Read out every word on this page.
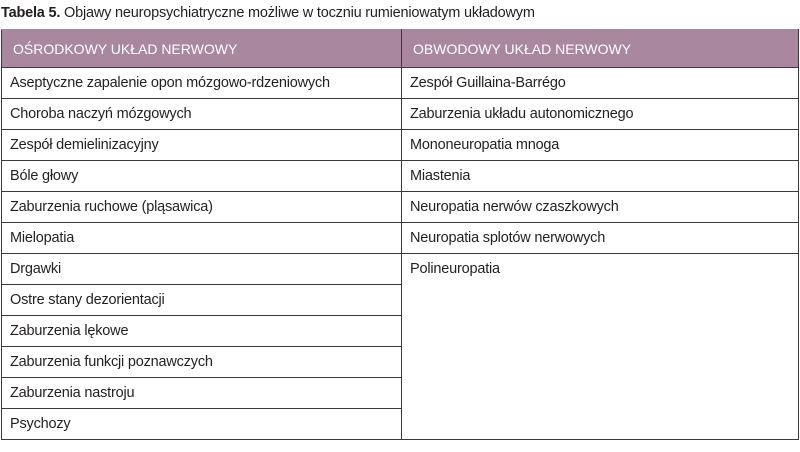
Tabela 5. Objawy neuropsychiatryczne możliwe w toczniu rumieniowatym układowym
OŚRODKOWY UKŁAD NERWOWY	OBWODOWY UKŁAD NERWOWY
Aseptyczne zapalenie opon mózgowo-rdzeniowych	Zespół Guillaina-Barrégo
Choroba naczyń mózgowych	Zaburzenia układu autonomicznego
Zespół demielinizacyjny	Mononeuropatia mnoga
Bóle głowy	Miastenia
Zaburzenia ruchowe (pląsawica)	Neuropatia nerwów czaszkowych
Mielopatia	Neuropatia splotów nerwowych
Drgawki	Polineuropatia
Ostre stany dezorientacji	
Zaburzenia lękowe	
Zaburzenia funkcji poznawczych	
Zaburzenia nastroju	
Psychozy	
